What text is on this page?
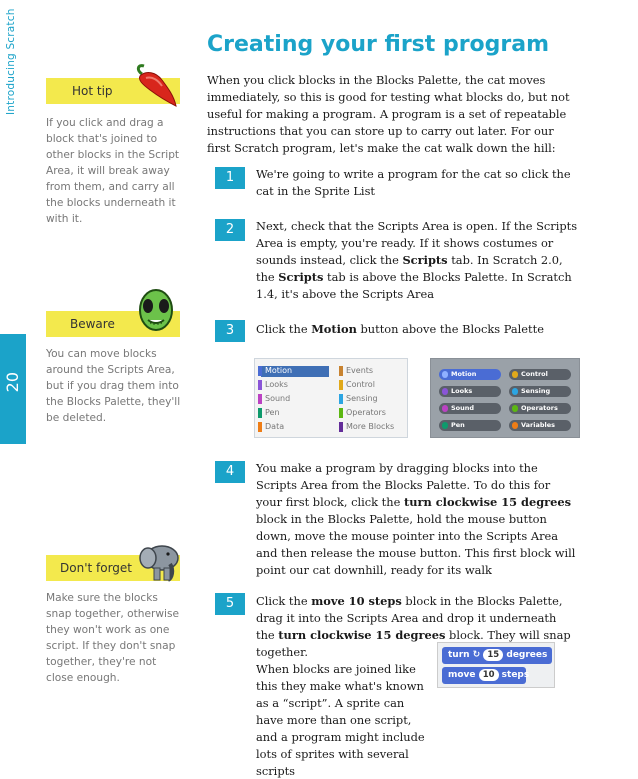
Introducing Scratch
20
Hot tip
If you click and drag a block that's joined to other blocks in the Script Area, it will break away from them, and carry all the blocks underneath it with it.
Beware
You can move blocks around the Scripts Area, but if you drag them into the Blocks Palette, they'll be deleted.
Don't forget
Make sure the blocks snap together, otherwise they won't work as one script. If they don't snap together, they're not close enough.
Creating your first program
When you click blocks in the Blocks Palette, the cat moves immediately, so this is good for testing what blocks do, but not useful for making a program. A program is a set of repeatable instructions that you can store up to carry out later. For our first Scratch program, let's make the cat walk down the hill:
1	We're going to write a program for the cat so click the cat in the Sprite List
2	Next, check that the Scripts Area is open. If the Scripts Area is empty, you're ready. If it shows costumes or sounds instead, click the Scripts tab. In Scratch 2.0, the Scripts tab is above the Blocks Palette. In Scratch 1.4, it's above the Scripts Area
3	Click the Motion button above the Blocks Palette
Motion
Looks
Sound
Pen
Data
Events
Control
Sensing
Operators
More Blocks
Motion
Looks
Sound
Pen
Control
Sensing
Operators
Variables
4	You make a program by dragging blocks into the Scripts Area from the Blocks Palette. To do this for your first block, click the turn clockwise 15 degrees block in the Blocks Palette, hold the mouse button down, move the mouse pointer into the Scripts Area and then release the mouse button. This first block will point our cat downhill, ready for its walk
5	Click the move 10 steps block in the Blocks Palette, drag it into the Scripts Area and drop it underneath the turn clockwise 15 degrees block. They will snap together.
When blocks are joined like this they make what's known as a “script”. A sprite can have more than one script, and a program might include lots of sprites with several scripts
turn ↻ 15 degrees
move 10 steps
